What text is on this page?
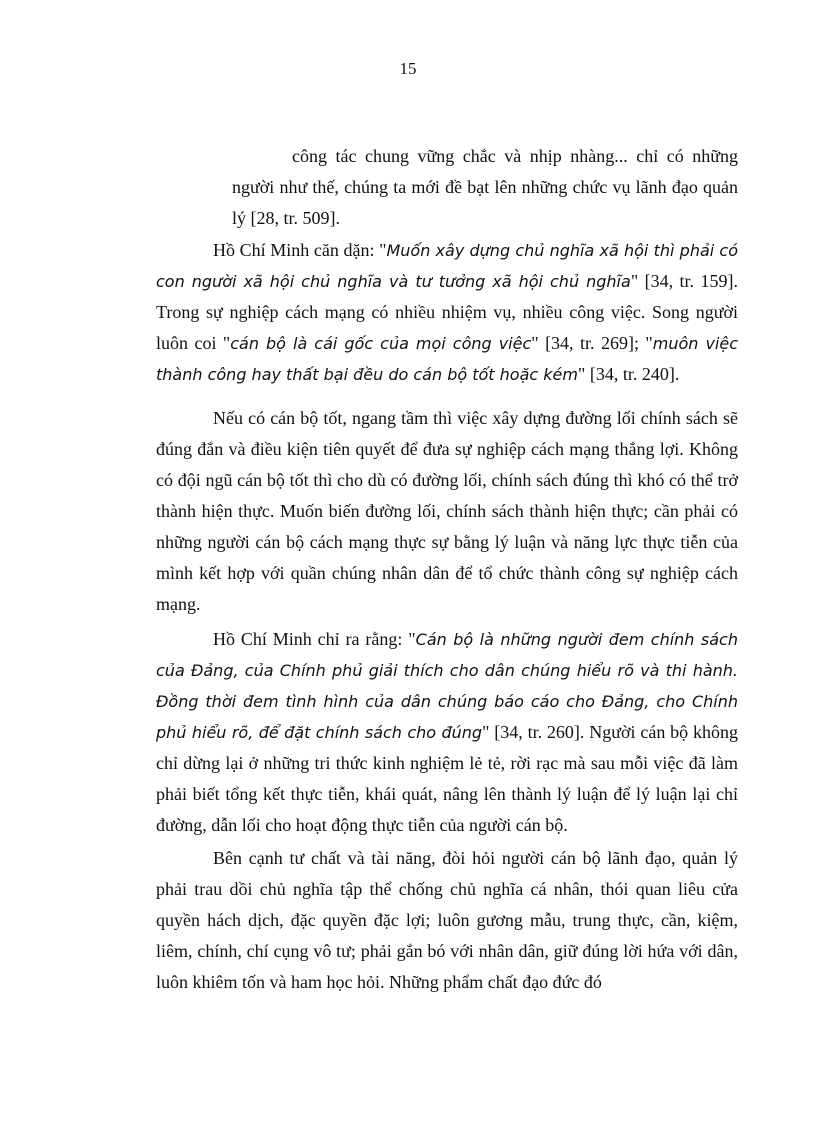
15

công tác chung vững chắc và nhịp nhàng... chỉ có những người như thế, chúng ta mới đề bạt lên những chức vụ lãnh đạo quản lý [28, tr. 509].

Hồ Chí Minh căn dặn: "Muốn xây dựng chủ nghĩa xã hội thì phải có con người xã hội chủ nghĩa và tư tưởng xã hội chủ nghĩa" [34, tr. 159]. Trong sự nghiệp cách mạng có nhiều nhiệm vụ, nhiều công việc. Song người luôn coi "cán bộ là cái gốc của mọi công việc" [34, tr. 269]; "muôn việc thành công hay thất bại đều do cán bộ tốt hoặc kém" [34, tr. 240].

Nếu có cán bộ tốt, ngang tầm thì việc xây dựng đường lối chính sách sẽ đúng đắn và điều kiện tiên quyết để đưa sự nghiệp cách mạng thắng lợi. Không có đội ngũ cán bộ tốt thì cho dù có đường lối, chính sách đúng thì khó có thể trở thành hiện thực. Muốn biến đường lối, chính sách thành hiện thực; cần phải có những người cán bộ cách mạng thực sự bằng lý luận và năng lực thực tiễn của mình kết hợp với quần chúng nhân dân để tổ chức thành công sự nghiệp cách mạng.

Hồ Chí Minh chỉ ra rằng: "Cán bộ là những người đem chính sách của Đảng, của Chính phủ giải thích cho dân chúng hiểu rõ và thi hành. Đồng thời đem tình hình của dân chúng báo cáo cho Đảng, cho Chính phủ hiểu rõ, để đặt chính sách cho đúng" [34, tr. 260]. Người cán bộ không chỉ dừng lại ở những tri thức kinh nghiệm lẻ tẻ, rời rạc mà sau mỗi việc đã làm phải biết tổng kết thực tiễn, khái quát, nâng lên thành lý luận để lý luận lại chỉ đường, dẫn lối cho hoạt động thực tiễn của người cán bộ.

Bên cạnh tư chất và tài năng, đòi hỏi người cán bộ lãnh đạo, quản lý phải trau dồi chủ nghĩa tập thể chống chủ nghĩa cá nhân, thói quan liêu cửa quyền hách dịch, đặc quyền đặc lợi; luôn gương mẫu, trung thực, cần, kiệm, liêm, chính, chí cụng vô tư; phải gắn bó với nhân dân, giữ đúng lời hứa với dân, luôn khiêm tốn và ham học hỏi. Những phẩm chất đạo đức đó
